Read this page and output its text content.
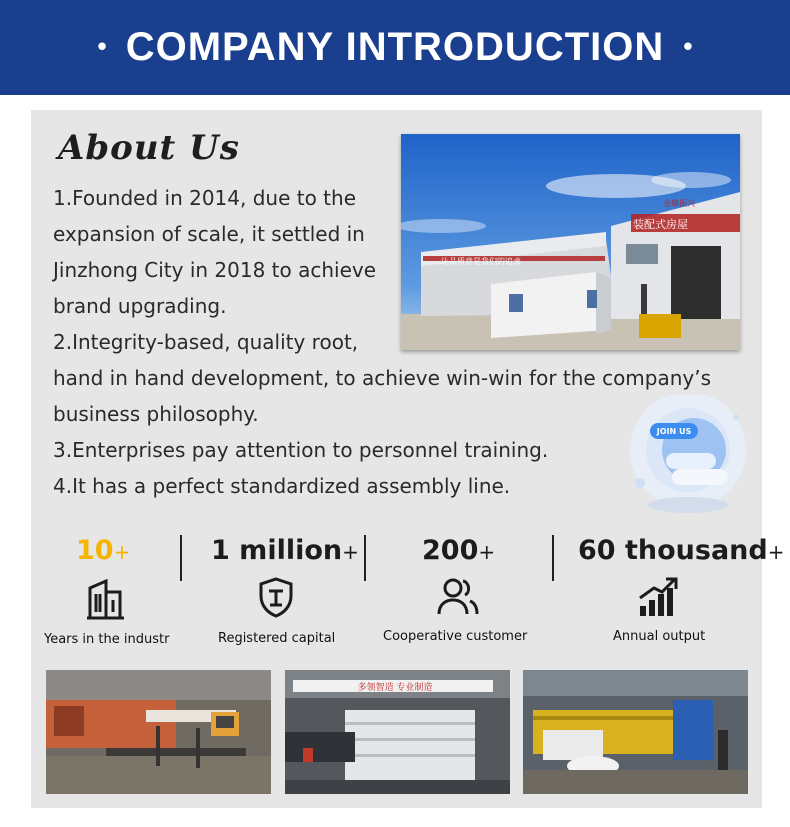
• COMPANY INTRODUCTION •
About Us
1.Founded in 2014, due to the
expansion of scale, it settled in
Jinzhong City in 2018 to achieve
brand upgrading.
2.Integrity-based, quality root,
hand in hand development, to achieve win-win for the company’s
business philosophy.
3.Enterprises pay attention to personnel training.
4.It has a perfect standardized assembly line.
装配式房屋
金鼎振兴
让品质意是我们的追求
JOIN US
10+	1 million+ 200+	60 thousand+
Years in the industr	Registered capital	Cooperative customer	Annual output
多领智造 专业制造
